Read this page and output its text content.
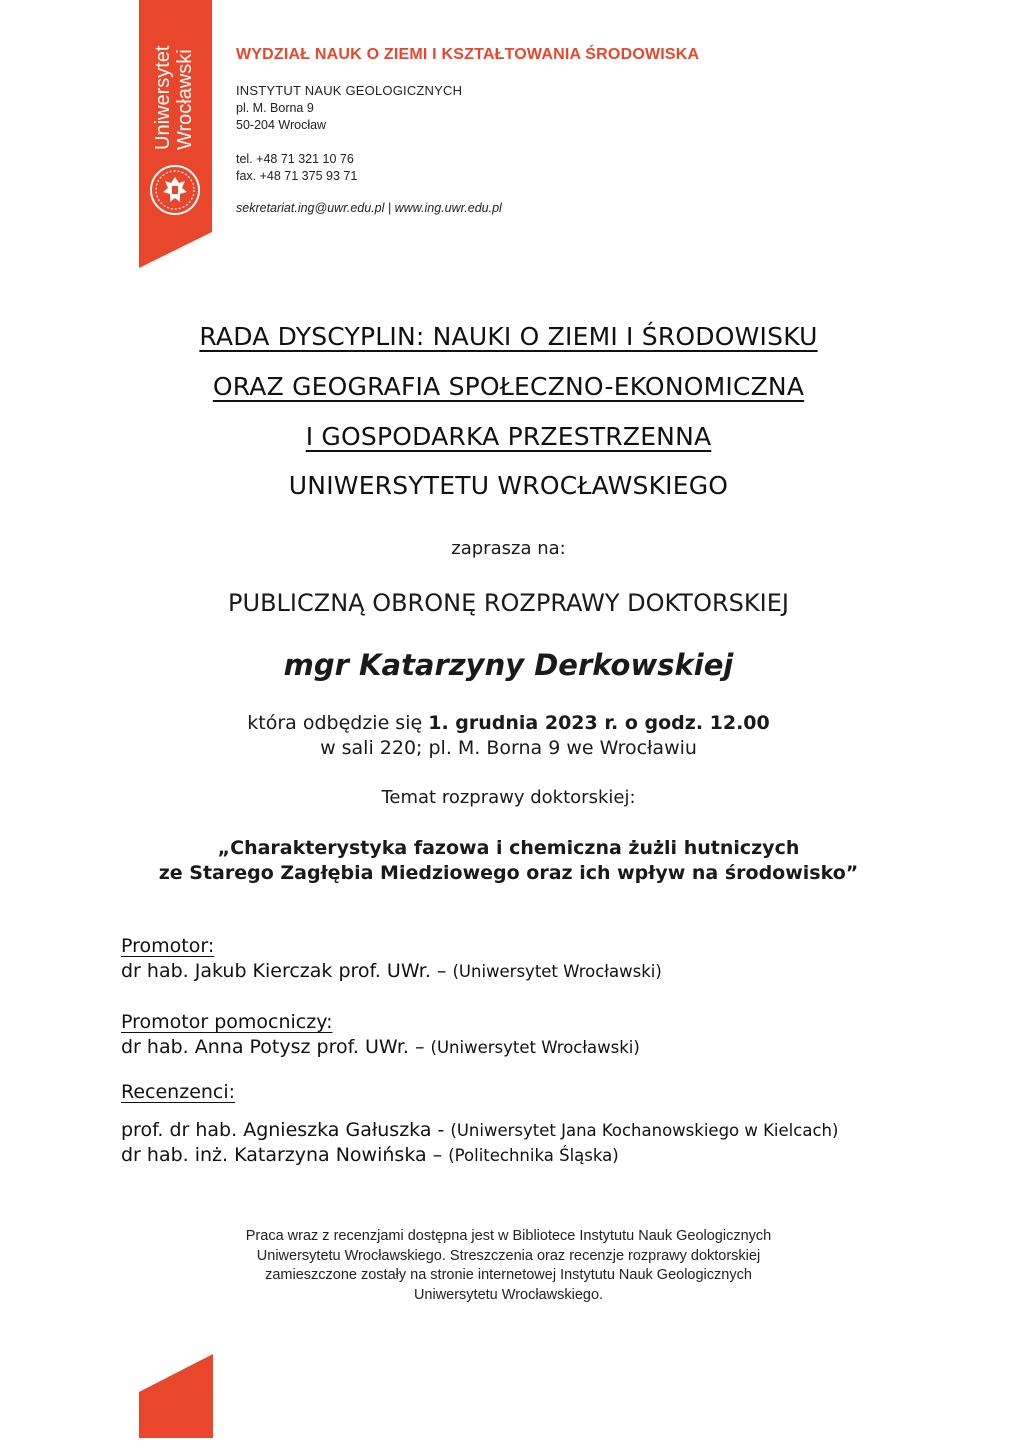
Uniwersytet Wrocławski	WYDZIAŁ NAUK O ZIEMI I KSZTAŁTOWANIA ŚRODOWISKA
INSTYTUT NAUK GEOLOGICZNYCH
pl. M. Borna 9
50-204 Wrocław
tel. +48 71 321 10 76
fax. +48 71 375 93 71
sekretariat.ing@uwr.edu.pl | www.ing.uwr.edu.pl
RADA DYSCYPLIN: NAUKI O ZIEMI I ŚRODOWISKU
ORAZ GEOGRAFIA SPOŁECZNO-EKONOMICZNA
I GOSPODARKA PRZESTRZENNA
UNIWERSYTETU WROCŁAWSKIEGO
zaprasza na:
PUBLICZNĄ OBRONĘ ROZPRAWY DOKTORSKIEJ
mgr Katarzyny Derkowskiej
która odbędzie się 1. grudnia 2023 r. o godz. 12.00
w sali 220; pl. M. Borna 9 we Wrocławiu
Temat rozprawy doktorskiej:
„Charakterystyka fazowa i chemiczna żużli hutniczych
ze Starego Zagłębia Miedziowego oraz ich wpływ na środowisko”
Promotor:
dr hab. Jakub Kierczak prof. UWr. – (Uniwersytet Wrocławski)
Promotor pomocniczy:
dr hab. Anna Potysz prof. UWr. – (Uniwersytet Wrocławski)
Recenzenci:
prof. dr hab. Agnieszka Gałuszka - (Uniwersytet Jana Kochanowskiego w Kielcach)
dr hab. inż. Katarzyna Nowińska – (Politechnika Śląska)
Praca wraz z recenzjami dostępna jest w Bibliotece Instytutu Nauk Geologicznych
Uniwersytetu Wrocławskiego. Streszczenia oraz recenzje rozprawy doktorskiej
zamieszczone zostały na stronie internetowej Instytutu Nauk Geologicznych
Uniwersytetu Wrocławskiego.
